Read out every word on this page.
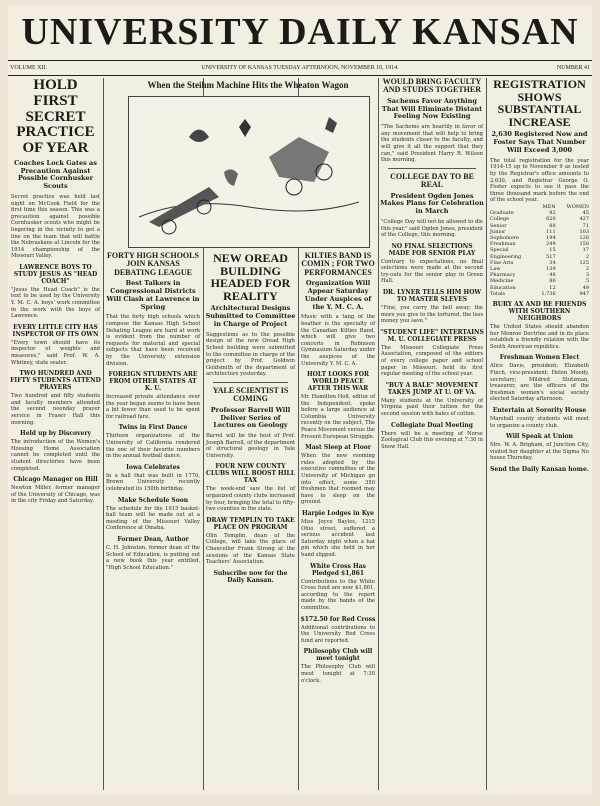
UNIVERSITY DAILY KANSAN
VOLUME XII.	UNIVERSITY OF KANSAS TUESDAY AFTERNOON, NOVEMBER 10, 1914.	NUMBER 41
HOLD FIRST SECRET PRACTICE OF YEAR
Coaches Lock Gates as Precaution Against Possible Cornhusker Scouts
Secret practice was held last night on McCook Field for the first time this season. This was a precaution against possible Cornhusker scouts who might be lingering in the vicinity to get a line on the team that will battle the Nebraskans at Lincoln for the 1914 championship of the Missouri Valley.
LAWRENCE BOYS TO STUDY JESUS AS "HEAD COACH"
"Jesus the Head Coach" is the text to be used by the University Y. M. C. A. boys' work committee in the work with the boys of Lawrence.
EVERY LITTLE CITY HAS INSPECTOR OF ITS OWN
"Every town should have its inspector of weights and measures," said Prof. W. A. Whitney, state sealer.
TWO HUNDRED AND FIFTY STUDENTS ATTEND PRAYERS
Two hundred and fifty students and faculty members attended the second noonday prayer service in Fraser Hall this morning.
Held up by Discovery
The introduction of the Women's Housing Home Association cannot be completed until the student directories have been completed.
Chicago Manager on Hill
Newton Miller, former manager of the University of Chicago, was in the city Friday and Saturday.
When the Steihm Machine Hits the Wheaton Wagon
FORTY HIGH SCHOOLS JOIN KANSAS DEBATING LEAGUE
Best Talkers in Congressional Districts Will Clash at Lawrence in Spring
That the forty high schools which compose the Kansas High School Debating League are hard at work is evident from the number of requests for material and special subjects that have been received by the University extension division.
FOREIGN STUDENTS ARE FROM OTHER STATES AT K. U.
Increased private attendance over the year began seems to have been a bit fewer than used to be spent for railroad fare.
Twins in First Dance
Thirteen organizations of the University of California rendered the one of their favorite numbers in the annual football dance.
Iowa Celebrates
In a hall that was built in 1770, Brown University recently celebrated its 150th birthday.
Make Schedule Soon
The schedule for the 1915 basket-ball team will be made out at a meeting of the Missouri Valley Conference at Omaha.
Former Dean, Author
C. H. Johnston, former dean of the School of Education, is putting out a new book this year entitled, "High School Education."
NEW OREAD BUILDING HEADED FOR REALITY
Architectural Designs Submitted to Committee in Charge of Project
Suggestions as to the possible design of the new Oread High School building were submitted to the committee in charge of the project by Prof. Goldwin Goldsmith of the department of architecture yesterday.
YALE SCIENTIST IS COMING
Professor Barrell Will Deliver Series of Lectures on Geology
Barrel will be the host of Prof. Joseph Barrell, of the department of structural geology in Yale University.
FOUR NEW COUNTY CLUBS WILL BOOST HILL TAX
The week-end saw the list of organized county clubs increased by four, bringing the total to fifty-two counties in the state.
DRAW TEMPLIN TO TAKE PLACE ON PROGRAM
Olin Templin, dean of the College, will take the place of Chancellor Frank Strong at the sessions of the Kansas State Teachers' Association.
Subscribe now for the Daily Kansan.
KILTIES BAND IS COMIN ; FOR TWO PERFORMANCES
Organization Will Appear Saturday Under Auspices of the Y. M. C. A.
Music with a tang of the heather is the specialty of the Canadian Kilties Band, which will give two concerts in Robinson Gymnasium Saturday under the auspices of the University Y. M. C. A.
HOLT LOOKS FOR WORLD PEACE AFTER THIS WAR
Mr. Hamilton Holt, editor of the Independent, spoke before a large audience at Columbia University recently on the subject, The Peace Movement versus the Present European Struggle.
Mast Sleep at Floor
When the new rooming rules adopted by the executive committee of the University of Michigan go into effect, some 350 freshmen that roomed may have to sleep on the ground.
Harpie Lodges in Kye
Miss Joyce Bayles, 1215 Ohio street, suffered a serious accident last Saturday night when a hat pin which she held in her hand slipped.
White Cross Has Pledged $1,861
Contributions to the White Cross fund are now $1,861, according to the report made by the bands of the committee.
$172.50 for Red Cross
Additional contributions to the University Red Cross fund are reported.
Philosophy Club will meet tonight
The Philosophy Club will meet tonight at 7:30 o'clock.
WOULD BRING FACULTY AND STUDES TOGETHER
Sachems Favor Anything That Will Eliminate Distant Feeling Now Existing
"The Sachems are heartily in favor of any movement that will help to bring the students closer to the faculty, and will give it all the support that they can," said President Harry R. Wilson this morning.
COLLEGE DAY TO BE REAL
President Ogden Jones Makes Plans for Celebration in March
"College Day will not be allowed to die this year," said Ogden Jones, president of the College, this morning.
NO FINAL SELECTIONS MADE FOR SENIOR PLAY
Contrary to expectations, no final selections were made at the second try-outs for the senior play in Green Hall.
DR. LYNER TELLS HIM HOW TO MASTER SLEVES
"Fine, you carry the bell away; the more you give to the tortured, the less money you save."
"STUDENT LIFE" INTERTAINS M. U. COLLEGIATE PRESS
The Missouri Collegiate Press Association, composed of the editors of every college paper and school paper in Missouri, held its first regular meeting of the school year.
"BUY A BALE" MOVEMENT TAKES JUMP AT U. OF VA.
Many students at the University of Virginia paid their tuition for the second session with bales of cotton.
Collegiate Dual Meeting
There will be a meeting of Norse Zoological Club this evening at 7:30 in Snow Hall.
REGISTRATION SHOWS SUBSTANTIAL INCREASE
2,630 Registered Now and Foster Says That Number Will Exceed 3,000
The total registration for the year 1914-15 up to November 9 as tested by the Registrar's office amounts to 2,630, and Registrar George O. Foster expects to see it pass the three thousand mark before the end of the school year.
	MEN	WOMEN
Graduate	92	45
College	620	427
Senior	88	71
Junior	111	103
Sophomore	194	126
Freshman	249	158
Special	15	17
Engineering	517	2
Fine Arts	34	125
Law	139	2
Pharmacy	48	3
Medicine	86	5
Education	12	49
Totals	1,736	947
BURY AX AND BE FRIENDS WITH SOUTHERN NEIGHBORS
The United States should abandon her Monroe Doctrine and in its place establish a friendly relation with the South American republics.
Freshman Women Elect
Alice Davis, president; Elizabeth Finch, vice-president; Helen Moody, secretary; Mildred Stutzman, treasurer, are the officers of the freshman women's social society elected Saturday afternoon.
Entertain at Sorority House
Marshall county students will meet to organize a county club.
Will Speak at Union
Mrs. W. A. Brigham, of Junction City, visited her daughter at the Sigma Nu house Thursday.
Send the Daily Kansan home.
